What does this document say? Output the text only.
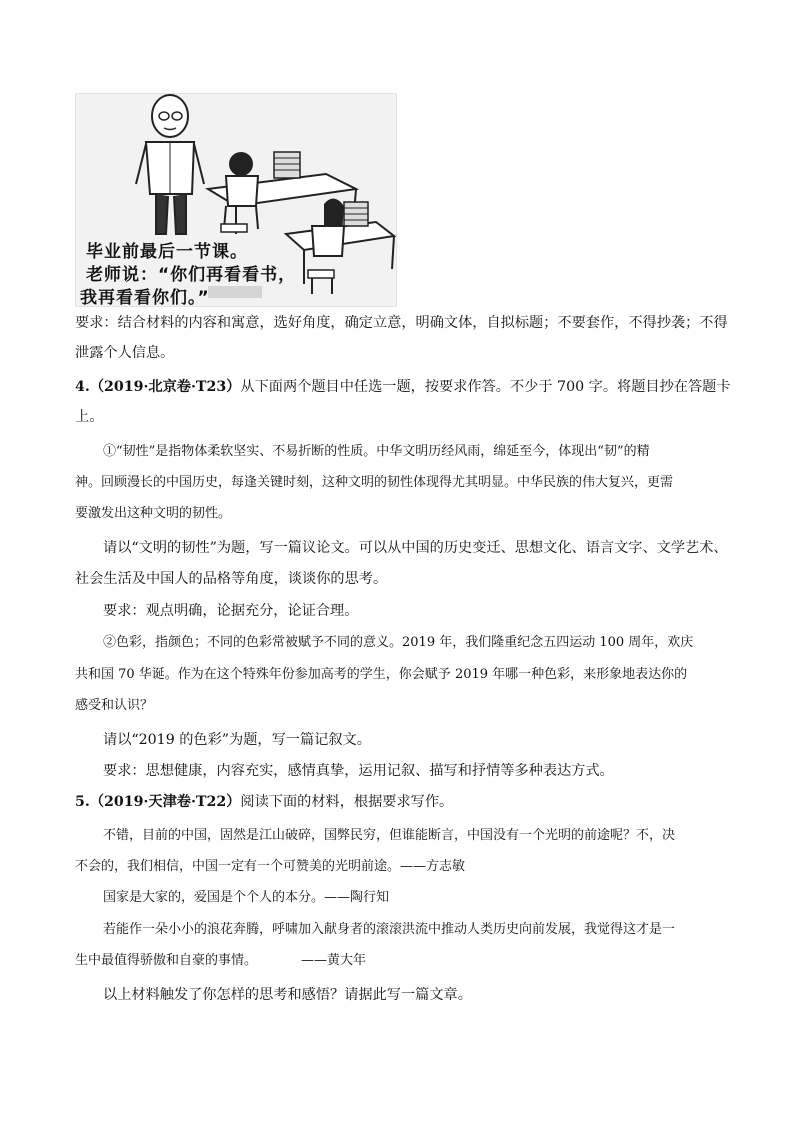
毕业前最后一节课。
老师说：“你们再看看书，
我再看看你们。”
要求：结合材料的内容和寓意，选好角度，确定立意，明确文体，自拟标题；不要套作，不得抄袭；不得
泄露个人信息。
4.（2019·北京卷·T23）从下面两个题目中任选一题，按要求作答。不少于 700 字。将题目抄在答题卡
上。
①“韧性”是指物体柔软坚实、不易折断的性质。中华文明历经风雨，绵延至今，体现出“韧”的精
神。回顾漫长的中国历史，每逢关键时刻，这种文明的韧性体现得尤其明显。中华民族的伟大复兴，更需
要激发出这种文明的韧性。
请以“文明的韧性”为题，写一篇议论文。可以从中国的历史变迁、思想文化、语言文字、文学艺术、
社会生活及中国人的品格等角度，谈谈你的思考。
要求：观点明确，论据充分，论证合理。
②色彩，指颜色；不同的色彩常被赋予不同的意义。2019 年，我们隆重纪念五四运动 100 周年，欢庆
共和国 70 华诞。作为在这个特殊年份参加高考的学生，你会赋予 2019 年哪一种色彩，来形象地表达你的
感受和认识？
请以“2019 的色彩”为题，写一篇记叙文。
要求：思想健康，内容充实，感情真挚，运用记叙、描写和抒情等多种表达方式。
5.（2019·天津卷·T22）阅读下面的材料，根据要求写作。
不错，目前的中国，固然是江山破碎，国弊民穷，但谁能断言，中国没有一个光明的前途呢？不，决
不会的，我们相信，中国一定有一个可赞美的光明前途。——方志敏
国家是大家的，爱国是个个人的本分。——陶行知
若能作一朵小小的浪花奔腾，呼啸加入献身者的滚滚洪流中推动人类历史向前发展，我觉得这才是一
生中最值得骄傲和自豪的事情。	——黄大年
以上材料触发了你怎样的思考和感悟？请据此写一篇文章。
